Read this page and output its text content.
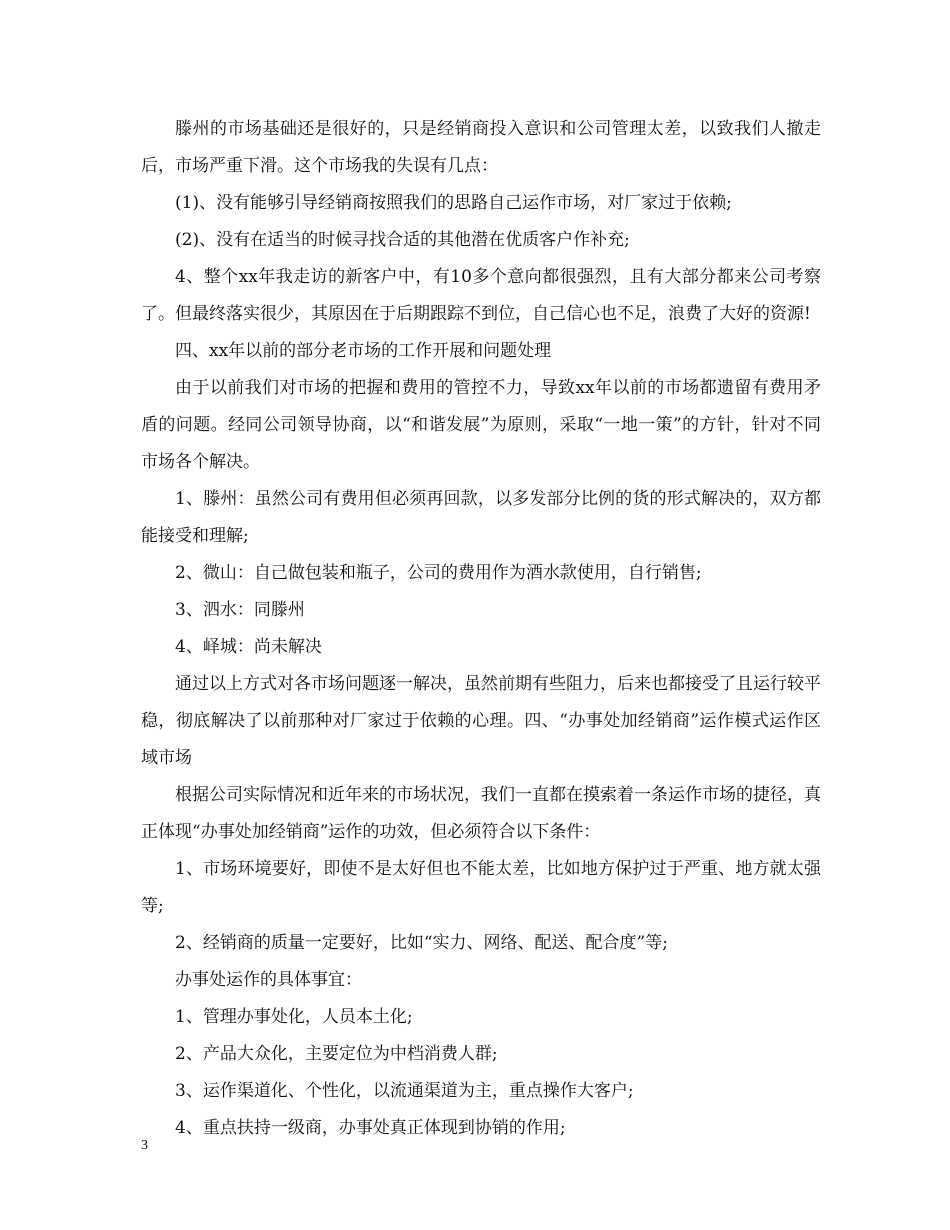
滕州的市场基础还是很好的，只是经销商投入意识和公司管理太差，以致我们人撤走后，市场严重下滑。这个市场我的失误有几点：

(1)、没有能够引导经销商按照我们的思路自己运作市场，对厂家过于依赖;

(2)、没有在适当的时候寻找合适的其他潜在优质客户作补充;

4、整个xx年我走访的新客户中，有10多个意向都很强烈，且有大部分都来公司考察了。但最终落实很少，其原因在于后期跟踪不到位，自己信心也不足，浪费了大好的资源!

四、xx年以前的部分老市场的工作开展和问题处理

由于以前我们对市场的把握和费用的管控不力，导致xx年以前的市场都遗留有费用矛盾的问题。经同公司领导协商，以“和谐发展”为原则，采取“一地一策”的方针，针对不同市场各个解决。

1、滕州：虽然公司有费用但必须再回款，以多发部分比例的货的形式解决的，双方都能接受和理解;

2、微山：自己做包装和瓶子，公司的费用作为酒水款使用，自行销售;

3、泗水：同滕州

4、峄城：尚未解决

通过以上方式对各市场问题逐一解决，虽然前期有些阻力，后来也都接受了且运行较平稳，彻底解决了以前那种对厂家过于依赖的心理。四、“办事处加经销商”运作模式运作区域市场

根据公司实际情况和近年来的市场状况，我们一直都在摸索着一条运作市场的捷径，真正体现“办事处加经销商”运作的功效，但必须符合以下条件：

1、市场环境要好，即使不是太好但也不能太差，比如地方保护过于严重、地方就太强等;

2、经销商的质量一定要好，比如“实力、网络、配送、配合度”等;

办事处运作的具体事宜：

1、管理办事处化，人员本土化;

2、产品大众化，主要定位为中档消费人群;

3、运作渠道化、个性化，以流通渠道为主，重点操作大客户;

4、重点扶持一级商，办事处真正体现到协销的作用;

3
